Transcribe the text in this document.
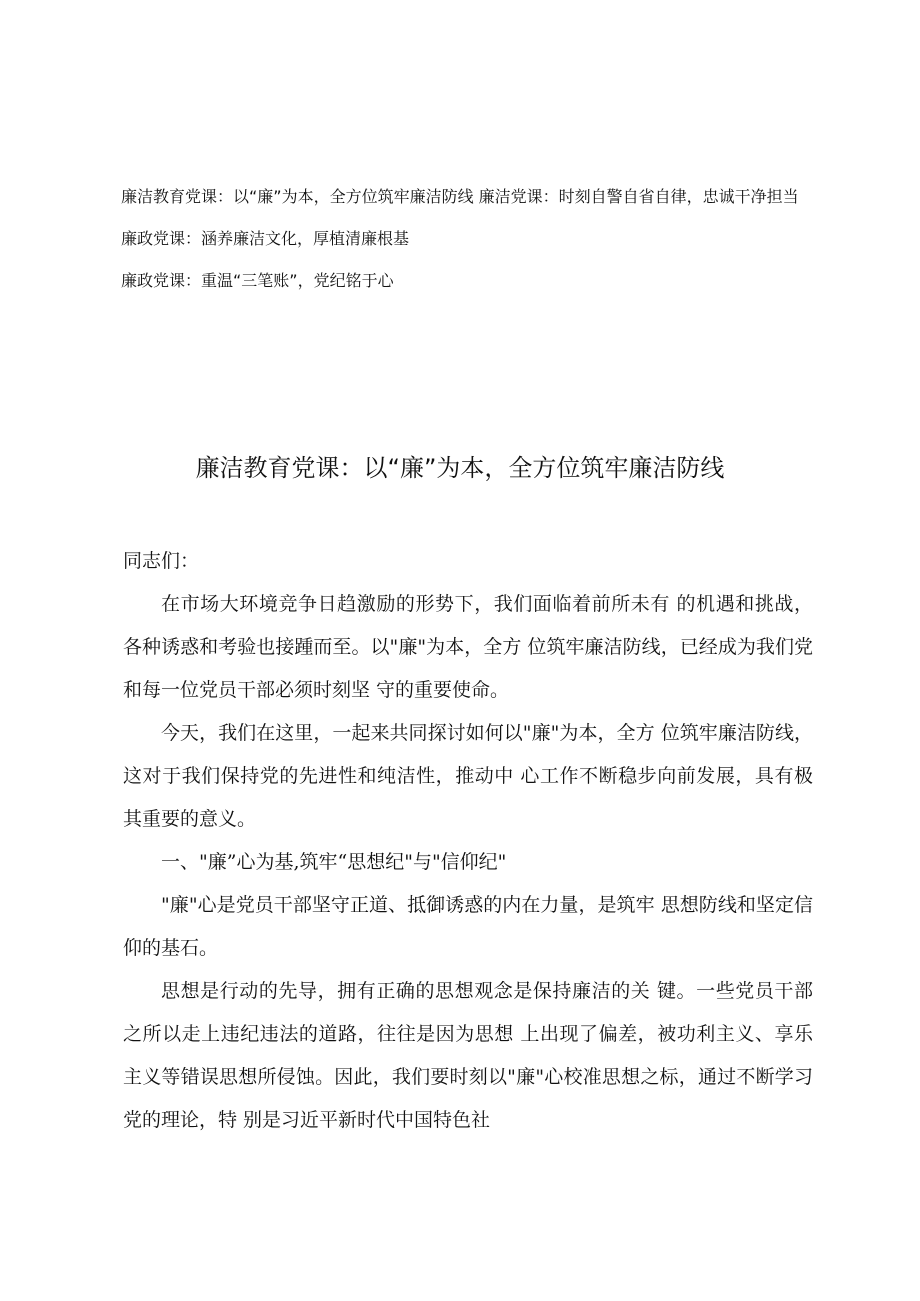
廉洁教育党课：以“廉”为本，全方位筑牢廉洁防线 廉洁党课：时刻自警自省自律，忠诚干净担当

廉政党课：涵养廉洁文化，厚植清廉根基

廉政党课：重温“三笔账”，党纪铭于心

廉洁教育党课：以“廉”为本，全方位筑牢廉洁防线

同志们：

在市场大环境竞争日趋激励的形势下，我们面临着前所未有 的机遇和挑战，各种诱惑和考验也接踵而至。以"廉"为本，全方 位筑牢廉洁防线，已经成为我们党和每一位党员干部必须时刻坚 守的重要使命。

今天，我们在这里，一起来共同探讨如何以"廉"为本，全方 位筑牢廉洁防线，这对于我们保持党的先进性和纯洁性，推动中 心工作不断稳步向前发展，具有极其重要的意义。

一、"廉”心为基,筑牢“思想纪"与"信仰纪"

"廉"心是党员干部坚守正道、抵御诱惑的内在力量，是筑牢 思想防线和坚定信仰的基石。

思想是行动的先导，拥有正确的思想观念是保持廉洁的关 键。一些党员干部之所以走上违纪违法的道路，往往是因为思想 上出现了偏差，被功利主义、享乐主义等错误思想所侵蚀。因此，我们要时刻以"廉"心校准思想之标，通过不断学习党的理论，特 别是习近平新时代中国特色社
